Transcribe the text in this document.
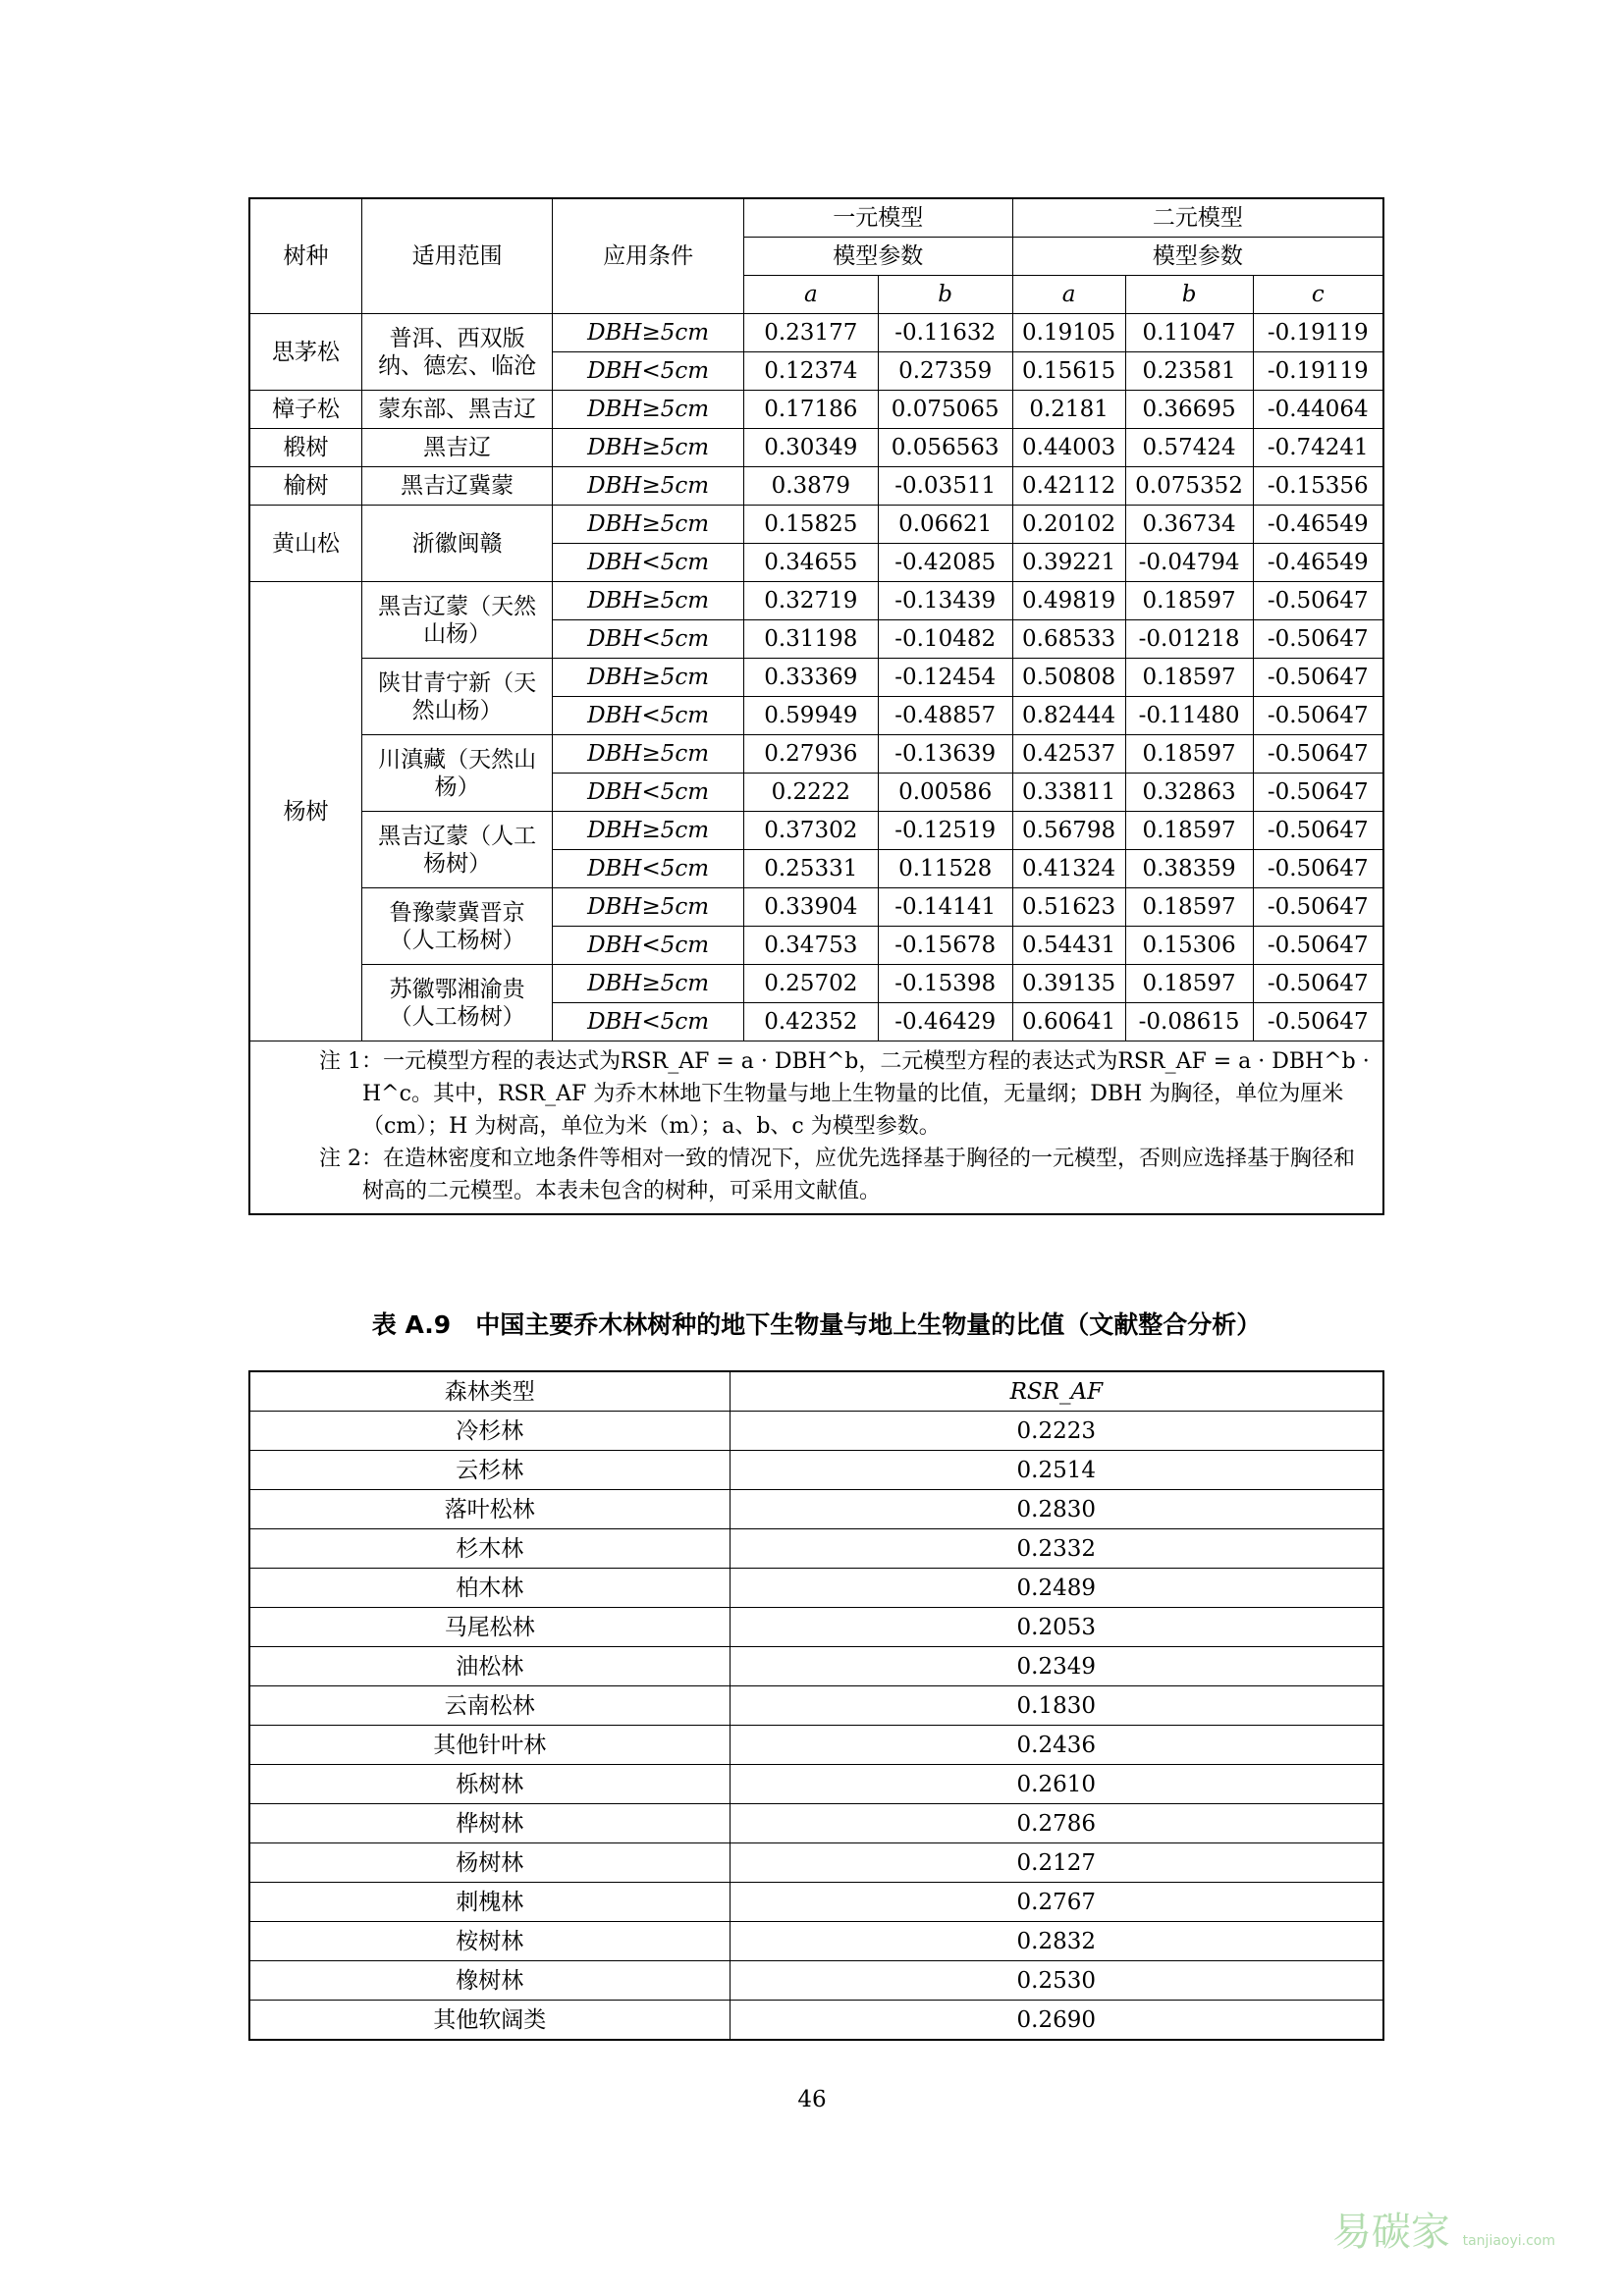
树种	适用范围	应用条件	一元模型		二元模型		
			模型参数		模型参数		
			a	b	a	b	c
思茅松	普洱、西双版纳、德宏、临沧	DBH≥5cm	0.23177	-0.11632	0.19105	0.11047	-0.19119
		DBH<5cm	0.12374	0.27359	0.15615	0.23581	-0.19119
樟子松	蒙东部、黑吉辽	DBH≥5cm	0.17186	0.075065	0.2181	0.36695	-0.44064
椴树	黑吉辽	DBH≥5cm	0.30349	0.056563	0.44003	0.57424	-0.74241
榆树	黑吉辽冀蒙	DBH≥5cm	0.3879	-0.03511	0.42112	0.075352	-0.15356
黄山松	浙徽闽赣	DBH≥5cm	0.15825	0.06621	0.20102	0.36734	-0.46549
		DBH<5cm	0.34655	-0.42085	0.39221	-0.04794	-0.46549
杨树	黑吉辽蒙（天然山杨）	DBH≥5cm	0.32719	-0.13439	0.49819	0.18597	-0.50647
		DBH<5cm	0.31198	-0.10482	0.68533	-0.01218	-0.50647
	陕甘青宁新（天然山杨）	DBH≥5cm	0.33369	-0.12454	0.50808	0.18597	-0.50647
		DBH<5cm	0.59949	-0.48857	0.82444	-0.11480	-0.50647
	川滇藏（天然山杨）	DBH≥5cm	0.27936	-0.13639	0.42537	0.18597	-0.50647
		DBH<5cm	0.2222	0.00586	0.33811	0.32863	-0.50647
	黑吉辽蒙（人工杨树）	DBH≥5cm	0.37302	-0.12519	0.56798	0.18597	-0.50647
		DBH<5cm	0.25331	0.11528	0.41324	0.38359	-0.50647
	鲁豫蒙冀晋京（人工杨树）	DBH≥5cm	0.33904	-0.14141	0.51623	0.18597	-0.50647
		DBH<5cm	0.34753	-0.15678	0.54431	0.15306	-0.50647
	苏徽鄂湘渝贵（人工杨树）	DBH≥5cm	0.25702	-0.15398	0.39135	0.18597	-0.50647
		DBH<5cm	0.42352	-0.46429	0.60641	-0.08615	-0.50647

注 1：一元模型方程的表达式为RSR_AF = a · DBH^b，二元模型方程的表达式为RSR_AF = a · DBH^b · H^c。其中，RSR_AF 为乔木林地下生物量与地上生物量的比值，无量纲；DBH 为胸径，单位为厘米（cm）；H 为树高，单位为米（m）；a、b、c 为模型参数。

注 2：在造林密度和立地条件等相对一致的情况下，应优先选择基于胸径的一元模型，否则应选择基于胸径和树高的二元模型。本表未包含的树种，可采用文献值。							

表 A.9　中国主要乔木林树种的地下生物量与地上生物量的比值（文献整合分析）
森林类型	RSR_AF
冷杉林	0.2223
云杉林	0.2514
落叶松林	0.2830
杉木林	0.2332
柏木林	0.2489
马尾松林	0.2053
油松林	0.2349
云南松林	0.1830
其他针叶林	0.2436
栎树林	0.2610
桦树林	0.2786
杨树林	0.2127
刺槐林	0.2767
桉树林	0.2832
橡树林	0.2530
其他软阔类	0.2690
46
易碳家 tanjiaoyi.com
